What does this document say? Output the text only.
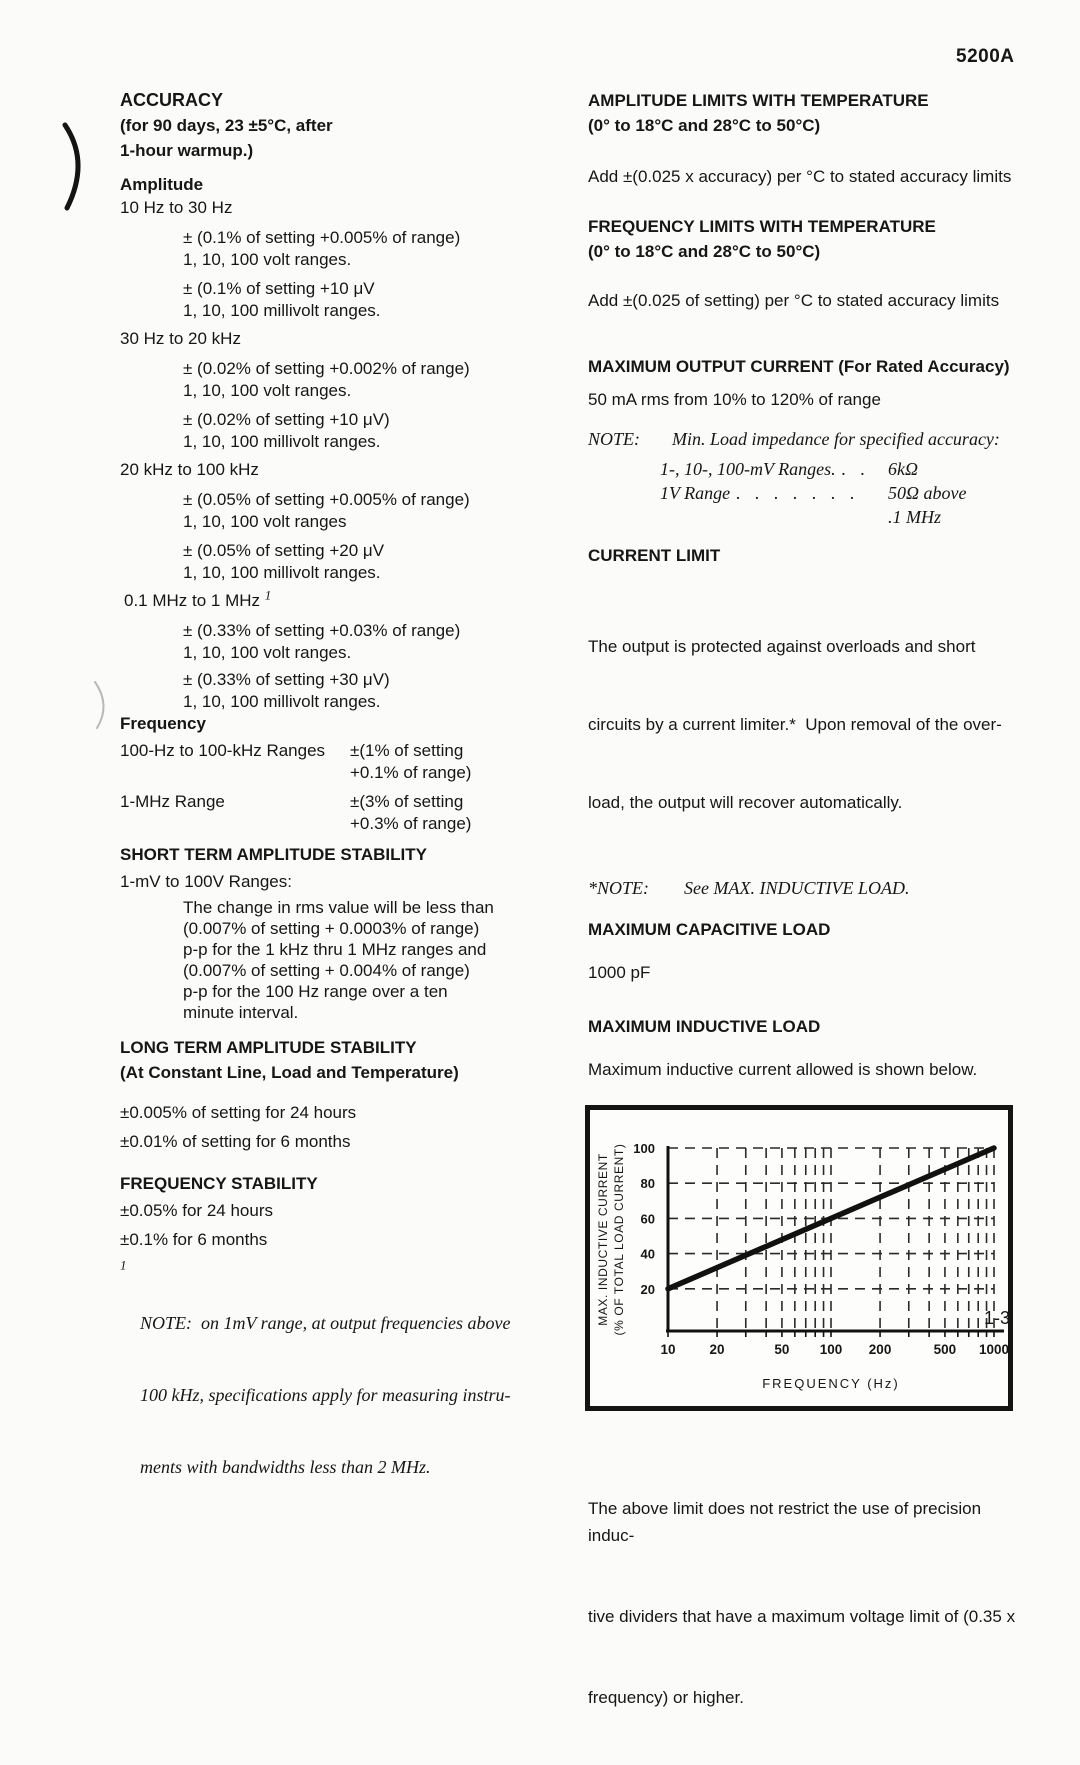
5200A
ACCURACY
(for 90 days, 23 ±5°C, after
1-hour warmup.)
Amplitude
10 Hz to 30 Hz
± (0.1% of setting +0.005% of range)
1, 10, 100 volt ranges.
± (0.1% of setting +10 μV
1, 10, 100 millivolt ranges.
30 Hz to 20 kHz
± (0.02% of setting +0.002% of range)
1, 10, 100 volt ranges.
± (0.02% of setting +10 μV)
1, 10, 100 millivolt ranges.
20 kHz to 100 kHz
± (0.05% of setting +0.005% of range)
1, 10, 100 volt ranges
± (0.05% of setting +20 μV
1, 10, 100 millivolt ranges.
0.1 MHz to 1 MHz $^1$
± (0.33% of setting +0.03% of range)
1, 10, 100 volt ranges.
± (0.33% of setting +30 μV)
1, 10, 100 millivolt ranges.
Frequency
100-Hz to 100-kHz Ranges	±(1% of setting
+0.1% of range)
1-MHz Range	±(3% of setting
+0.3% of range)
SHORT TERM AMPLITUDE STABILITY
1-mV to 100V Ranges:
The change in rms value will be less than
(0.007% of setting + 0.0003% of range)
p-p for the 1 kHz thru 1 MHz ranges and
(0.007% of setting + 0.004% of range)
p-p for the 100 Hz range over a ten
minute interval.
LONG TERM AMPLITUDE STABILITY
(At Constant Line, Load and Temperature)
±0.005% of setting for 24 hours
±0.01% of setting for 6 months
FREQUENCY STABILITY
±0.05% for 24 hours
±0.1% for 6 months
$^1$

NOTE:  on 1mV range, at output frequencies above

100 kHz, specifications apply for measuring instru-

ments with bandwidths less than 2 MHz.

AMPLITUDE LIMITS WITH TEMPERATURE
(0° to 18°C and 28°C to 50°C)
Add ±(0.025 x accuracy) per °C to stated accuracy limits
FREQUENCY LIMITS WITH TEMPERATURE
(0° to 18°C and 28°C to 50°C)
Add ±(0.025 of setting) per °C to stated accuracy limits
MAXIMUM OUTPUT CURRENT (For Rated Accuracy)
50 mA rms from 10% to 120% of range
NOTE:	Min. Load impedance for specified accuracy:
1-, 10-, 100-mV Ranges. . . 6kΩ
1V Range . . . . . . . 50Ω above
.1 MHz
CURRENT LIMIT

The output is protected against overloads and short

circuits by a current limiter.*  Upon removal of the over-

load, the output will recover automatically.

*NOTE:	See MAX. INDUCTIVE LOAD.
MAXIMUM CAPACITIVE LOAD
1000 pF
MAXIMUM INDUCTIVE LOAD
Maximum inductive current allowed is shown below.
20
40
60
80
100
10	20	50 100 200	500 1000
FREQUENCY (Hz)
MAX. INDUCTIVE CURRENT (% OF TOTAL LOAD CURRENT)

The above limit does not restrict the use of precision induc-

tive dividers that have a maximum voltage limit of (0.35 x

frequency) or higher.

1-3
